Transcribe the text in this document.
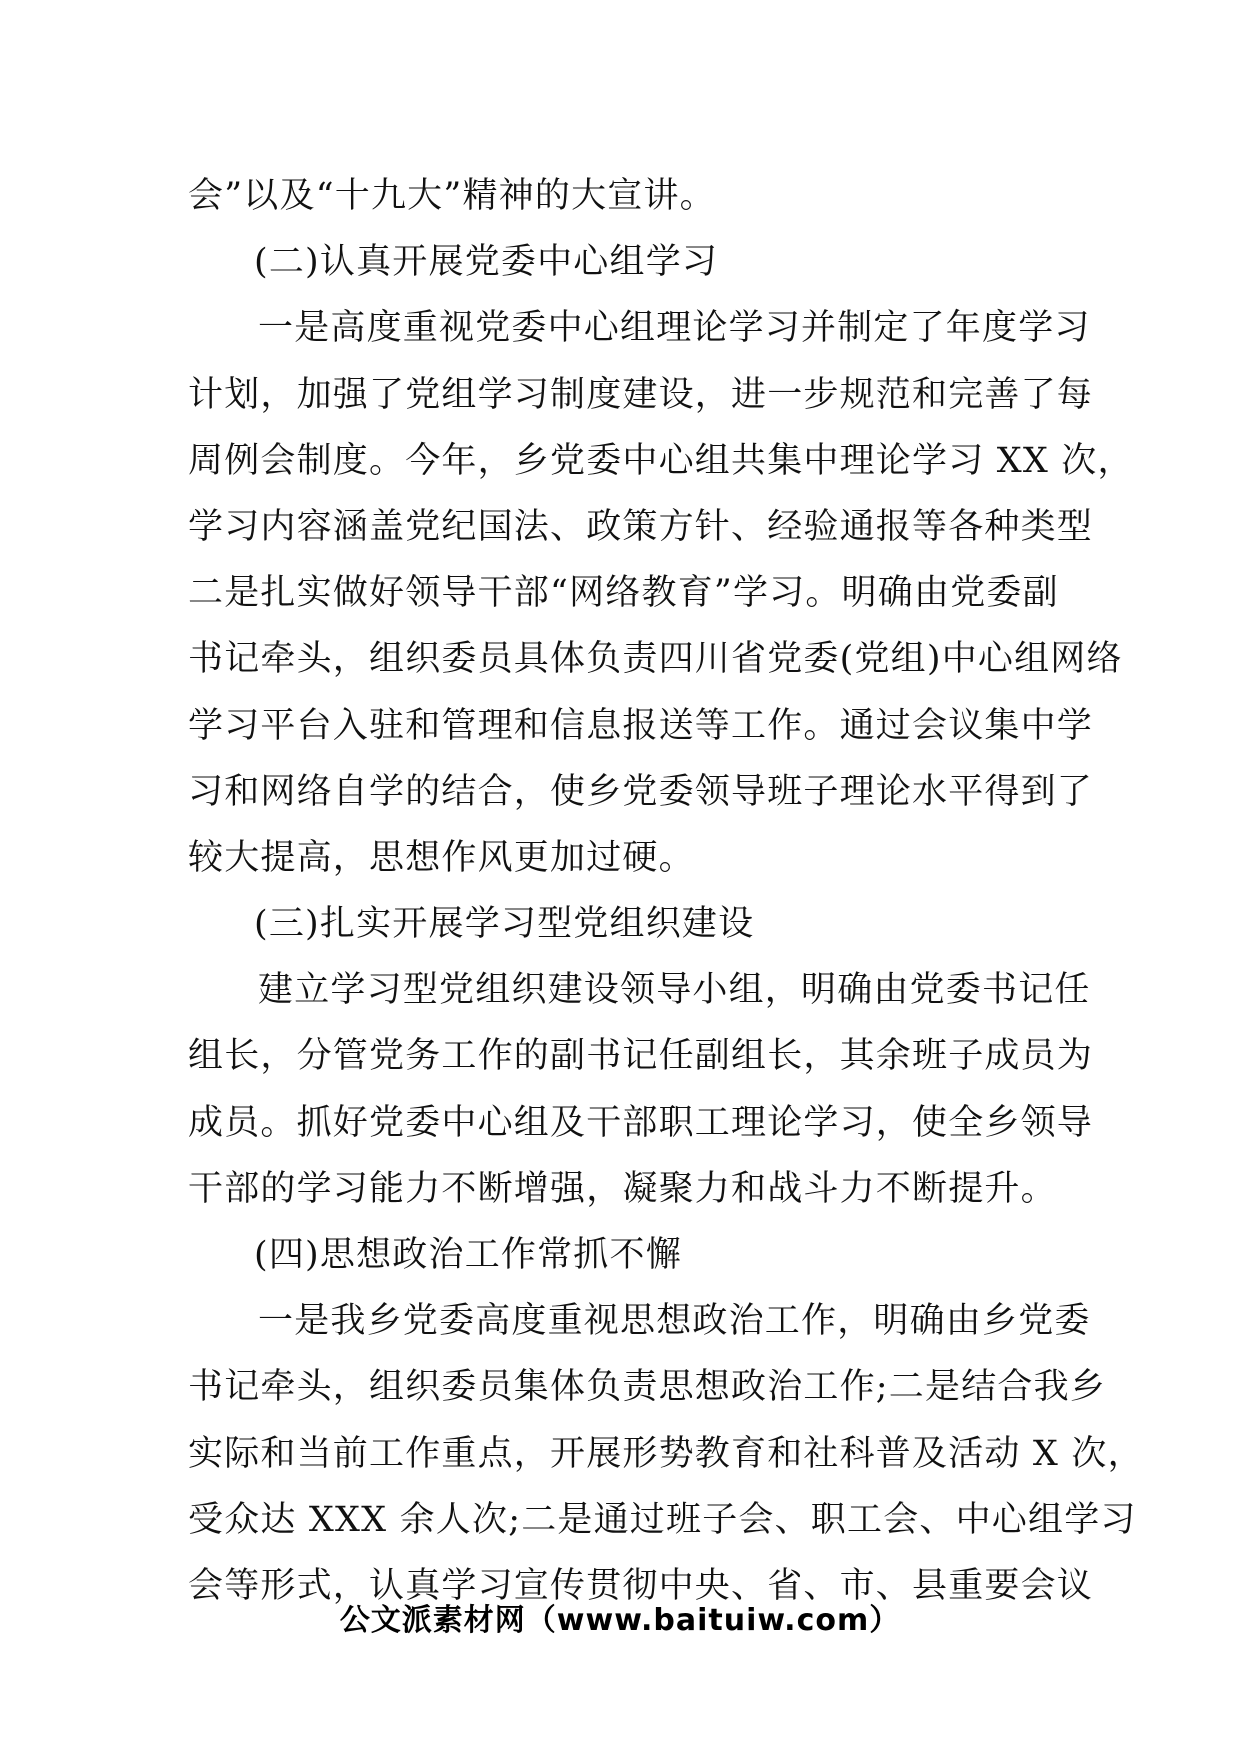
会”以及“十九大”精神的大宣讲。
(二)认真开展党委中心组学习
一是高度重视党委中心组理论学习并制定了年度学习
计划，加强了党组学习制度建设，进一步规范和完善了每
周例会制度。今年，乡党委中心组共集中理论学习 XX 次，
学习内容涵盖党纪国法、政策方针、经验通报等各种类型
二是扎实做好领导干部“网络教育”学习。明确由党委副
书记牵头，组织委员具体负责四川省党委(党组)中心组网络
学习平台入驻和管理和信息报送等工作。通过会议集中学
习和网络自学的结合，使乡党委领导班子理论水平得到了
较大提高，思想作风更加过硬。
(三)扎实开展学习型党组织建设
建立学习型党组织建设领导小组，明确由党委书记任
组长，分管党务工作的副书记任副组长，其余班子成员为
成员。抓好党委中心组及干部职工理论学习，使全乡领导
干部的学习能力不断增强，凝聚力和战斗力不断提升。
(四)思想政治工作常抓不懈
一是我乡党委高度重视思想政治工作，明确由乡党委
书记牵头，组织委员集体负责思想政治工作;二是结合我乡
实际和当前工作重点，开展形势教育和社科普及活动 X 次，
受众达 XXX 余人次;二是通过班子会、职工会、中心组学习
会等形式，认真学习宣传贯彻中央、省、市、县重要会议
公文派素材网（www.baituiw.com）
